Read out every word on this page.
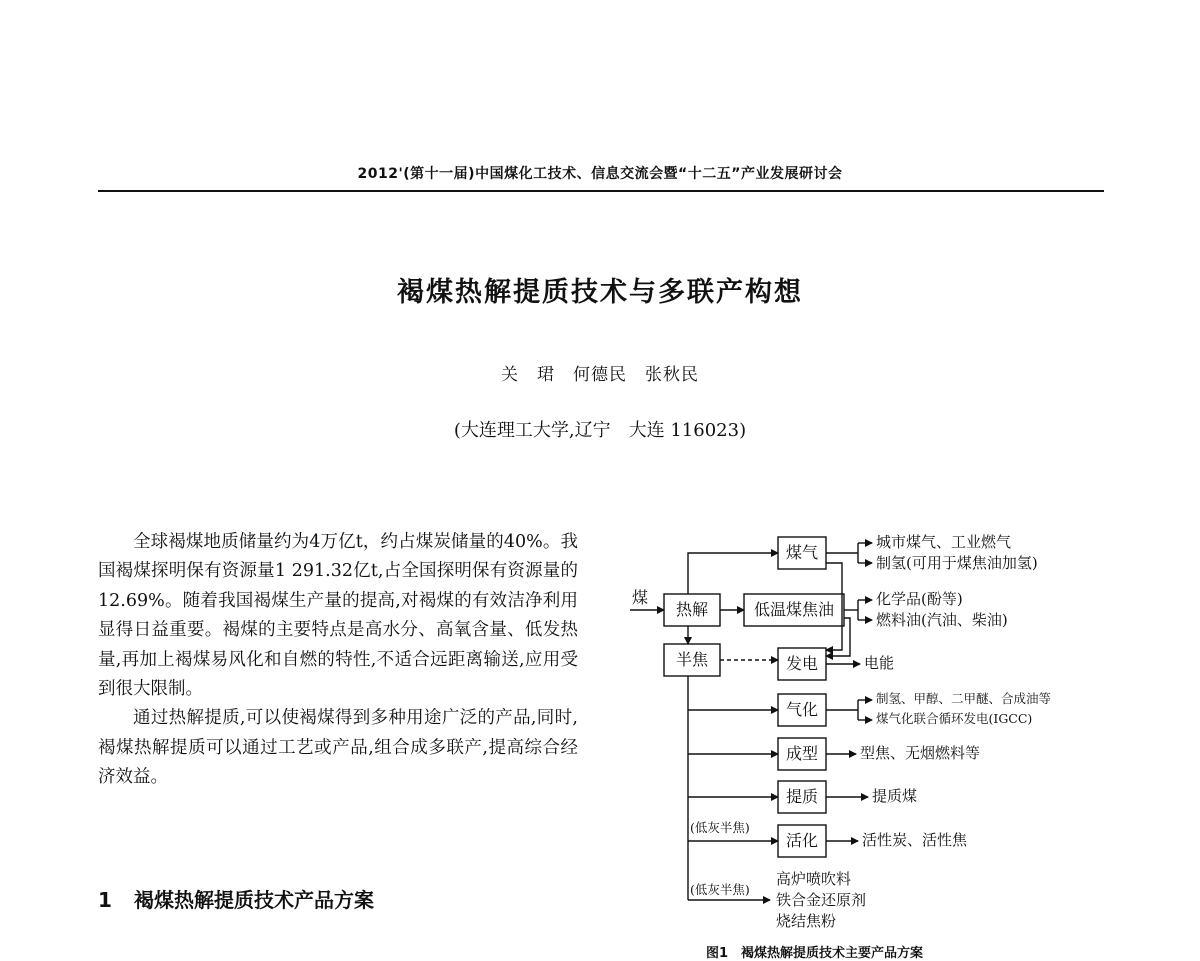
2012'(第十一届)中国煤化工技术、信息交流会暨“十二五”产业发展研讨会
褐煤热解提质技术与多联产构想
关　珺　何德民　张秋民
(大连理工大学,辽宁　大连 116023)

全球褐煤地质储量约为4万亿t，约占煤炭储量的40%。我国褐煤探明保有资源量1 291.32亿t,占全国探明保有资源量的12.69%。随着我国褐煤生产量的提高,对褐煤的有效洁净利用显得日益重要。褐煤的主要特点是高水分、高氧含量、低发热量,再加上褐煤易风化和自燃的特性,不适合远距离输送,应用受到很大限制。

通过热解提质,可以使褐煤得到多种用途广泛的产品,同时,褐煤热解提质可以通过工艺或产品,组合成多联产,提高综合经济效益。

1 褐煤热解提质技术产品方案
煤
煤气
热解	低温煤焦油
半焦	发电
气化
成型
提质
活化
城市煤气、工业燃气
制氢(可用于煤焦油加氢)
化学品(酚等)
燃料油(汽油、柴油)
电能
制氢、甲醇、二甲醚、合成油等
煤气化联合循环发电(IGCC)
型焦、无烟燃料等
提质煤
活性炭、活性焦
(低灰半焦)
(低灰半焦)
高炉喷吹料
铁合金还原剂
烧结焦粉
图1　褐煤热解提质技术主要产品方案
